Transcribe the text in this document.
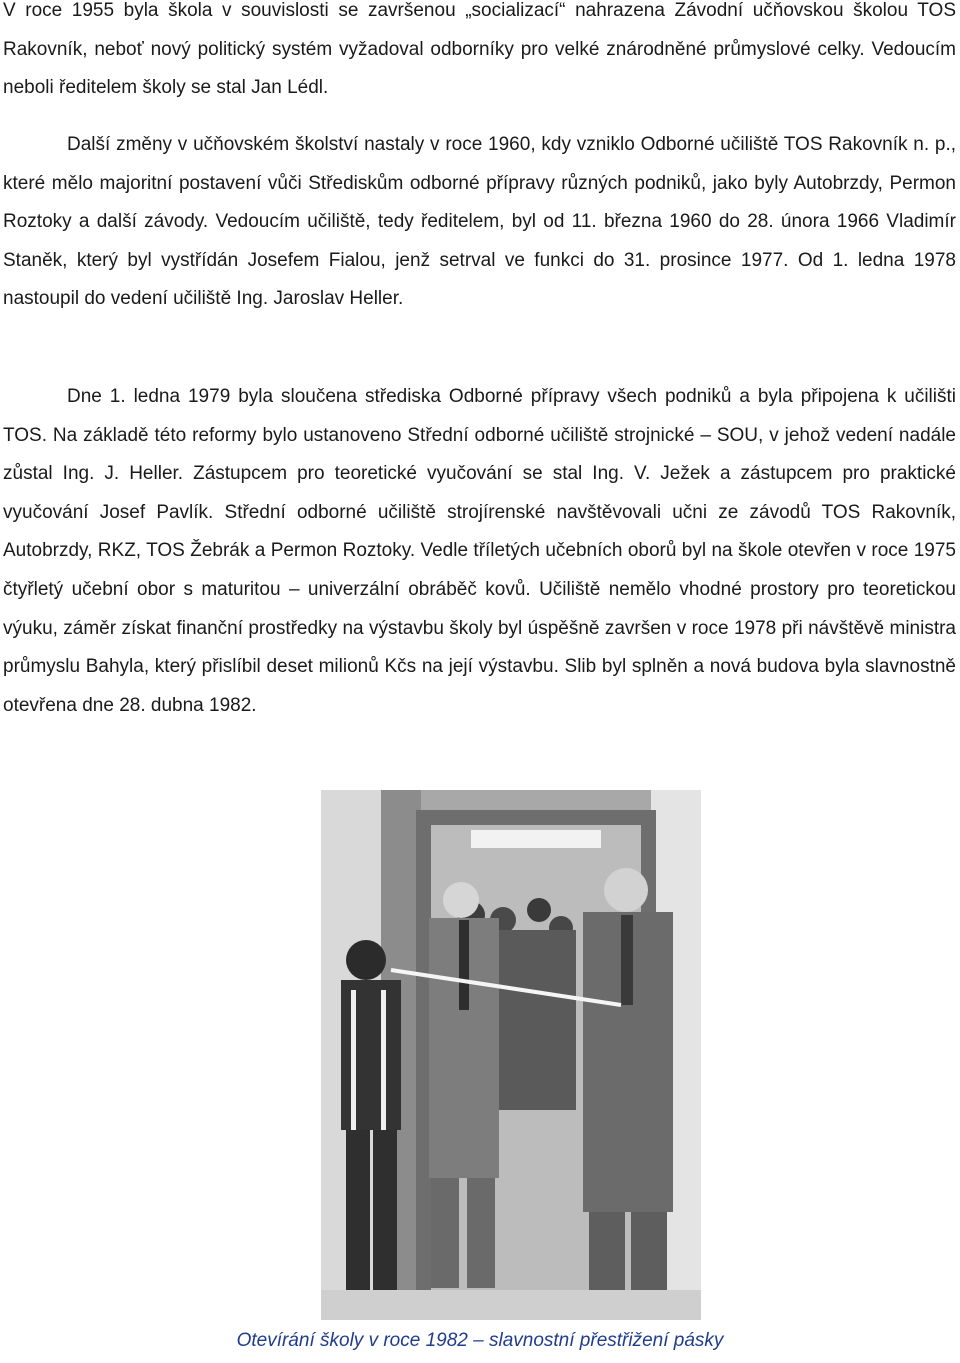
V roce 1955 byla škola v souvislosti se završenou „socializací“ nahrazena Závodní učňovskou školou TOS Rakovník, neboť nový politický systém vyžadoval odborníky pro velké znárodněné průmyslové celky. Vedoucím neboli ředitelem školy se stal Jan Lédl.

Další změny v učňovském školství nastaly v roce 1960, kdy vzniklo Odborné učiliště TOS Rakovník n. p., které mělo majoritní postavení vůči Střediskům odborné přípravy různých podniků, jako byly Autobrzdy, Permon Roztoky a další závody. Vedoucím učiliště, tedy ředitelem, byl od 11. března 1960 do 28. února 1966 Vladimír Staněk, který byl vystřídán Josefem Fialou, jenž setrval ve funkci do 31. prosince 1977. Od 1. ledna 1978 nastoupil do vedení učiliště Ing. Jaroslav Heller.

Dne 1. ledna 1979 byla sloučena střediska Odborné přípravy všech podniků a byla připojena k učilišti TOS. Na základě této reformy bylo ustanoveno Střední odborné učiliště strojnické – SOU, v jehož vedení nadále zůstal Ing. J. Heller. Zástupcem pro teoretické vyučování se stal Ing. V. Ježek a zástupcem pro praktické vyučování Josef Pavlík. Střední odborné učiliště strojírenské navštěvovali učni ze závodů TOS Rakovník, Autobrzdy, RKZ, TOS Žebrák a Permon Roztoky. Vedle tříletých učebních oborů byl na škole otevřen v roce 1975 čtyřletý učební obor s maturitou – univerzální obráběč kovů. Učiliště nemělo vhodné prostory pro teoretickou výuku, záměr získat finanční prostředky na výstavbu školy byl úspěšně završen v roce 1978 při návštěvě ministra průmyslu Bahyla, který přislíbil deset milionů Kčs na její výstavbu. Slib byl splněn a nová budova byla slavnostně otevřena dne 28. dubna 1982.

Otevírání školy v roce 1982 – slavnostní přestřižení pásky
